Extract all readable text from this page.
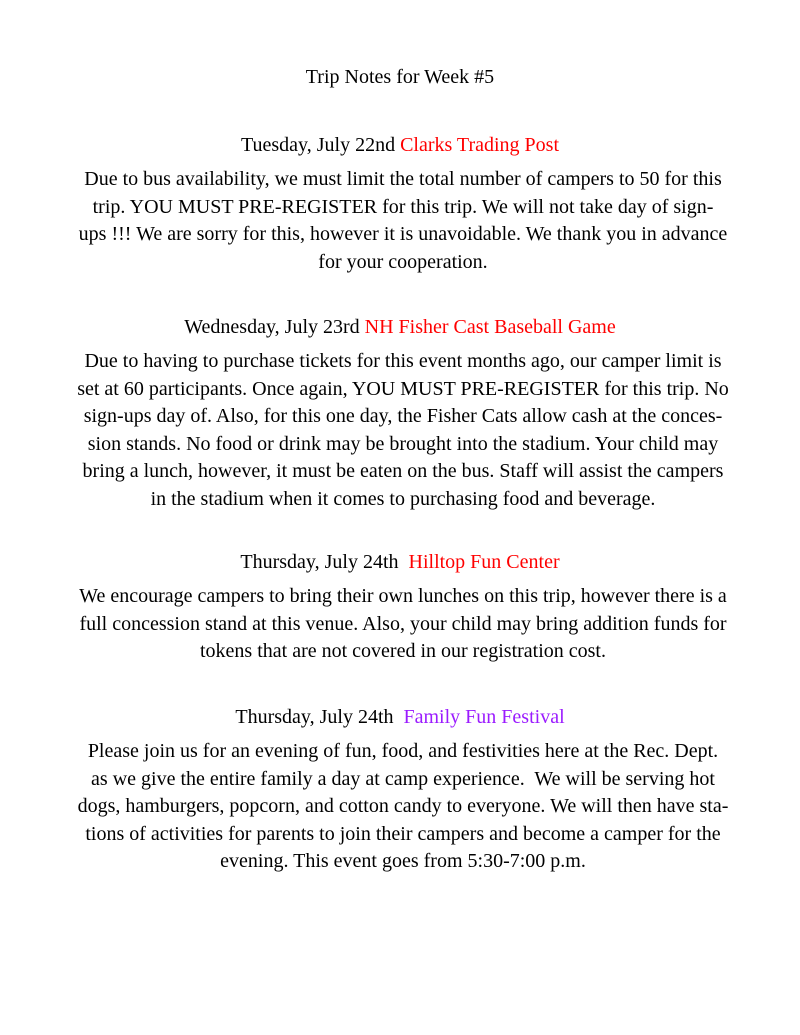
Trip Notes for Week #5
Tuesday, July 22nd Clarks Trading Post
Due to bus availability, we must limit the total number of campers to 50 for this
trip. YOU MUST PRE-REGISTER for this trip. We will not take day of sign-
ups !!! We are sorry for this, however it is unavoidable. We thank you in advance
for your cooperation.
Wednesday, July 23rd NH Fisher Cast Baseball Game
Due to having to purchase tickets for this event months ago, our camper limit is
set at 60 participants. Once again, YOU MUST PRE-REGISTER for this trip. No
sign-ups day of. Also, for this one day, the Fisher Cats allow cash at the conces-
sion stands. No food or drink may be brought into the stadium. Your child may
bring a lunch, however, it must be eaten on the bus. Staff will assist the campers
in the stadium when it comes to purchasing food and beverage.
Thursday, July 24th  Hilltop Fun Center
We encourage campers to bring their own lunches on this trip, however there is a
full concession stand at this venue. Also, your child may bring addition funds for
tokens that are not covered in our registration cost.
Thursday, July 24th  Family Fun Festival
Please join us for an evening of fun, food, and festivities here at the Rec. Dept.
as we give the entire family a day at camp experience.  We will be serving hot
dogs, hamburgers, popcorn, and cotton candy to everyone. We will then have sta-
tions of activities for parents to join their campers and become a camper for the
evening. This event goes from 5:30-7:00 p.m.
